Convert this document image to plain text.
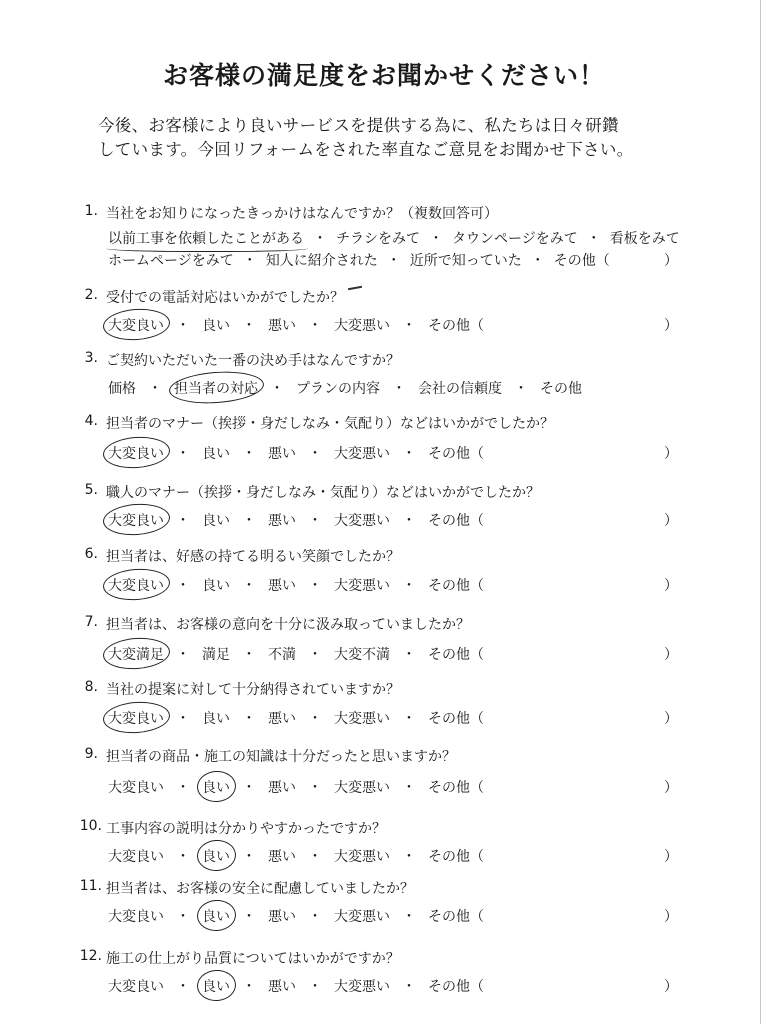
お客様の満足度をお聞かせください！
今後、お客様により良いサービスを提供する為に、私たちは日々研鑽
しています。今回リフォームをされた率直なご意見をお聞かせ下さい。
1. 当社をお知りになったきっかけはなんですか？（複数回答可）
以前工事を依頼したことがある ・ チラシをみて ・ タウンページをみて ・ 看板をみて
ホームページをみて ・ 知人に紹介された ・ 近所で知っていた ・ その他（	）
2. 受付での電話対応はいかがでしたか？
大変良い ・ 良い ・ 悪い ・ 大変悪い ・ その他（	）
3. ご契約いただいた一番の決め手はなんですか？
価格 ・ 担当者の対応 ・ プランの内容 ・ 会社の信頼度 ・ その他
4. 担当者のマナー（挨拶・身だしなみ・気配り）などはいかがでしたか？
大変良い ・ 良い ・ 悪い ・ 大変悪い ・ その他（	）
5. 職人のマナー（挨拶・身だしなみ・気配り）などはいかがでしたか？
大変良い ・ 良い ・ 悪い ・ 大変悪い ・ その他（	）
6. 担当者は、好感の持てる明るい笑顔でしたか？
大変良い ・ 良い ・ 悪い ・ 大変悪い ・ その他（	）
7. 担当者は、お客様の意向を十分に汲み取っていましたか？
大変満足 ・ 満足 ・ 不満 ・ 大変不満 ・ その他（	）
8. 当社の提案に対して十分納得されていますか？
大変良い ・ 良い ・ 悪い ・ 大変悪い ・ その他（	）
9. 担当者の商品・施工の知識は十分だったと思いますか？
大変良い ・ 良い ・ 悪い ・ 大変悪い ・ その他（	）
10. 工事内容の説明は分かりやすかったですか？
大変良い ・ 良い ・ 悪い ・ 大変悪い ・ その他（	）
11. 担当者は、お客様の安全に配慮していましたか？
大変良い ・ 良い ・ 悪い ・ 大変悪い ・ その他（	）
12. 施工の仕上がり品質についてはいかがですか？
大変良い ・ 良い ・ 悪い ・ 大変悪い ・ その他（	）
